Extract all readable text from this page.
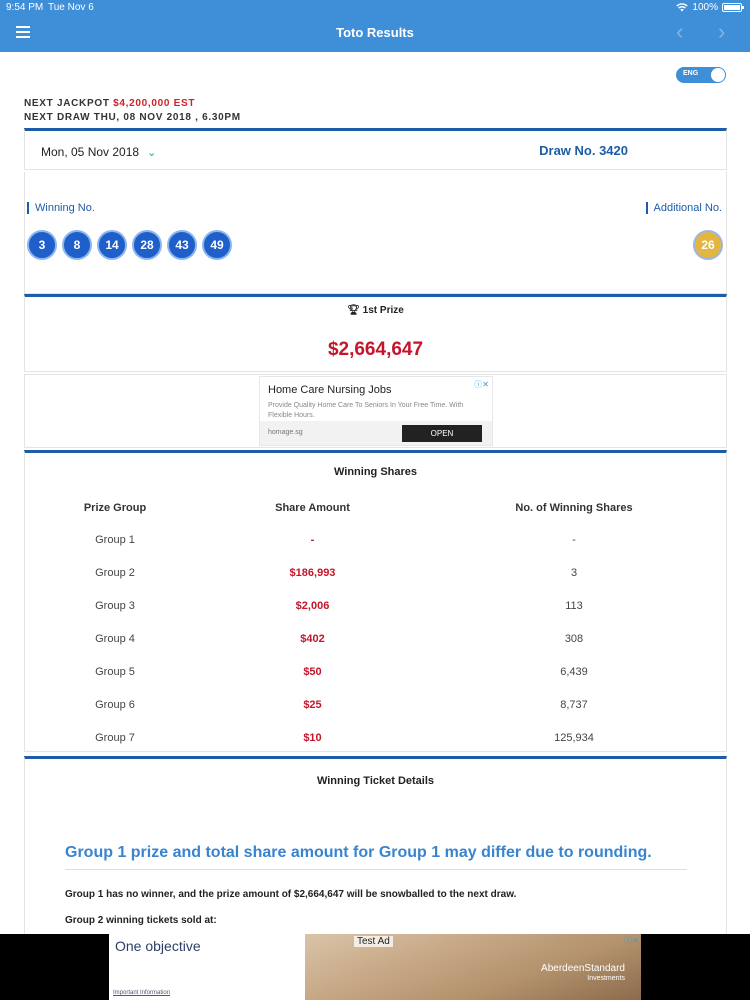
9:54 PM Tue Nov 6	100%
Toto Results	‹	›
ENG
NEXT JACKPOT $4,200,000 EST
NEXT DRAW THU, 08 NOV 2018 , 6.30PM
Mon, 05 Nov 2018 ⌄	Draw No. 3420
Winning No.	Additional No.
3	8	14	28	43	49	26
🏆︎ 1st Prize
$2,664,647
Home Care Nursing Jobs
Provide Quality Home Care To Seniors In Your Free Time. With Flexible Hours.
ⓘ✕
homage.sg	OPEN
Winning Shares
Prize Group	Share Amount	No. of Winning Shares
Group 1	-	-
Group 2	$186,993	3
Group 3	$2,006	113
Group 4	$402	308
Group 5	$50	6,439
Group 6	$25	8,737
Group 7	$10	125,934
Winning Ticket Details
Group 1 prize and total share amount for Group 1 may differ due to rounding.
Group 1 has no winner, and the prize amount of $2,664,647 will be snowballed to the next draw.
Group 2 winning tickets sold at:
One objective
Important Information
Test Ad
AberdeenStandard
Investments
ⓘ✕
